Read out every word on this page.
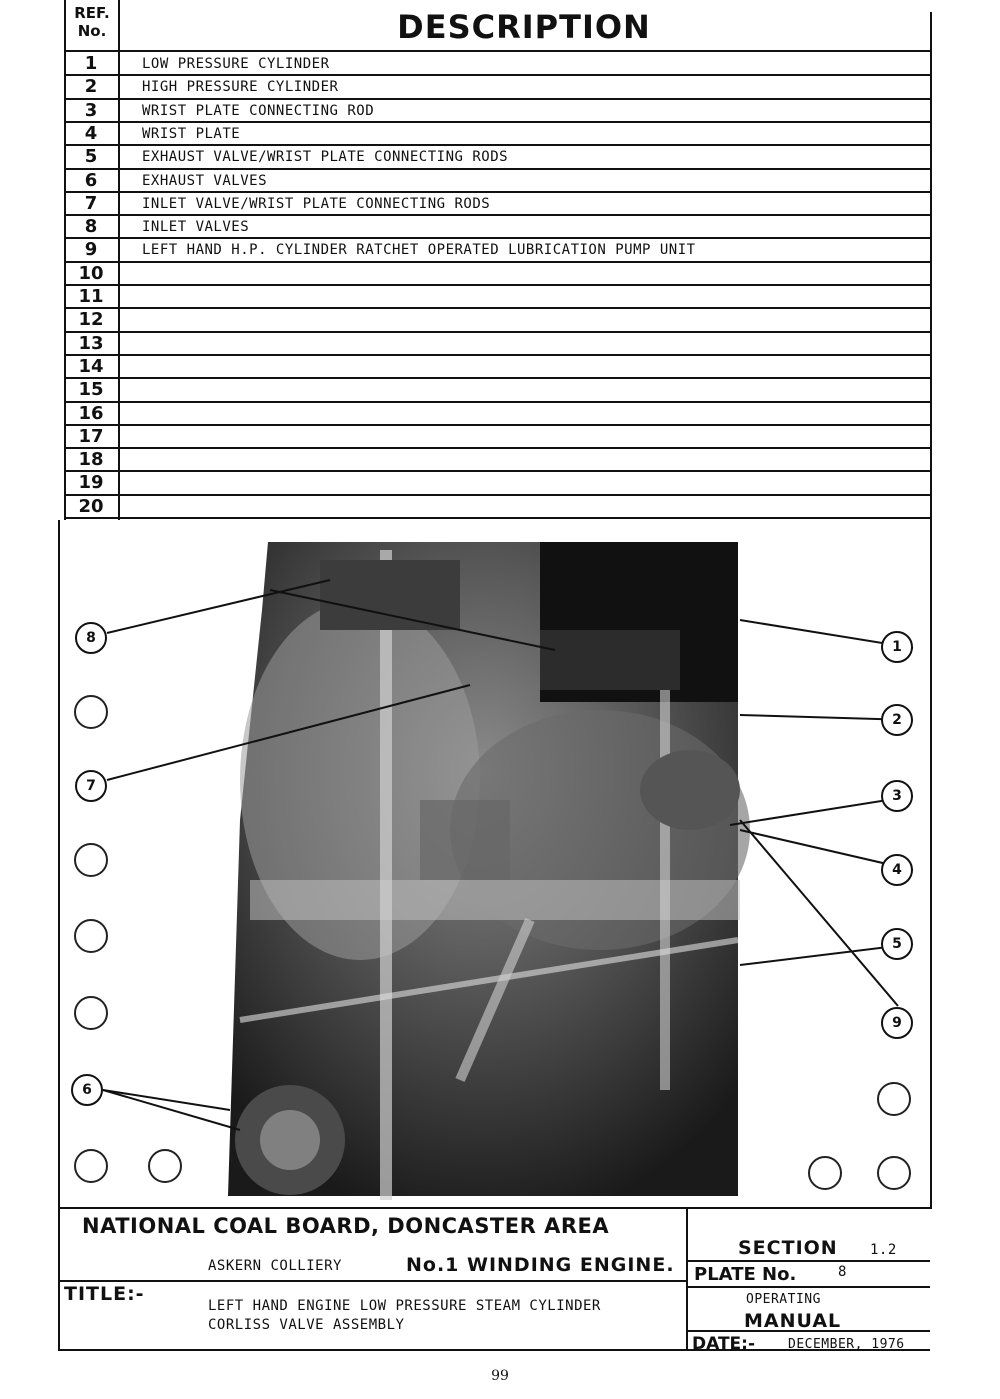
REF.
No.	DESCRIPTION
1	LOW PRESSURE CYLINDER
2	HIGH PRESSURE CYLINDER
3	WRIST PLATE CONNECTING ROD
4	WRIST PLATE
5	EXHAUST VALVE/WRIST PLATE CONNECTING RODS
6	EXHAUST VALVES
7	INLET VALVE/WRIST PLATE CONNECTING RODS
8	INLET VALVES
9	LEFT HAND H.P. CYLINDER RATCHET OPERATED LUBRICATION PUMP UNIT
10
11
12
13
14
15
16
17
18
19
20
1
2
3
4
5
6
7
8
9
NATIONAL COAL BOARD, DONCASTER AREA
ASKERN COLLIERY	No.1 WINDING ENGINE.
TITLE:-
LEFT HAND ENGINE LOW PRESSURE STEAM CYLINDER
CORLISS VALVE ASSEMBLY
SECTION 1.2
PLATE No.	8
OPERATING
MANUAL
DATE:-	DECEMBER, 1976
99
